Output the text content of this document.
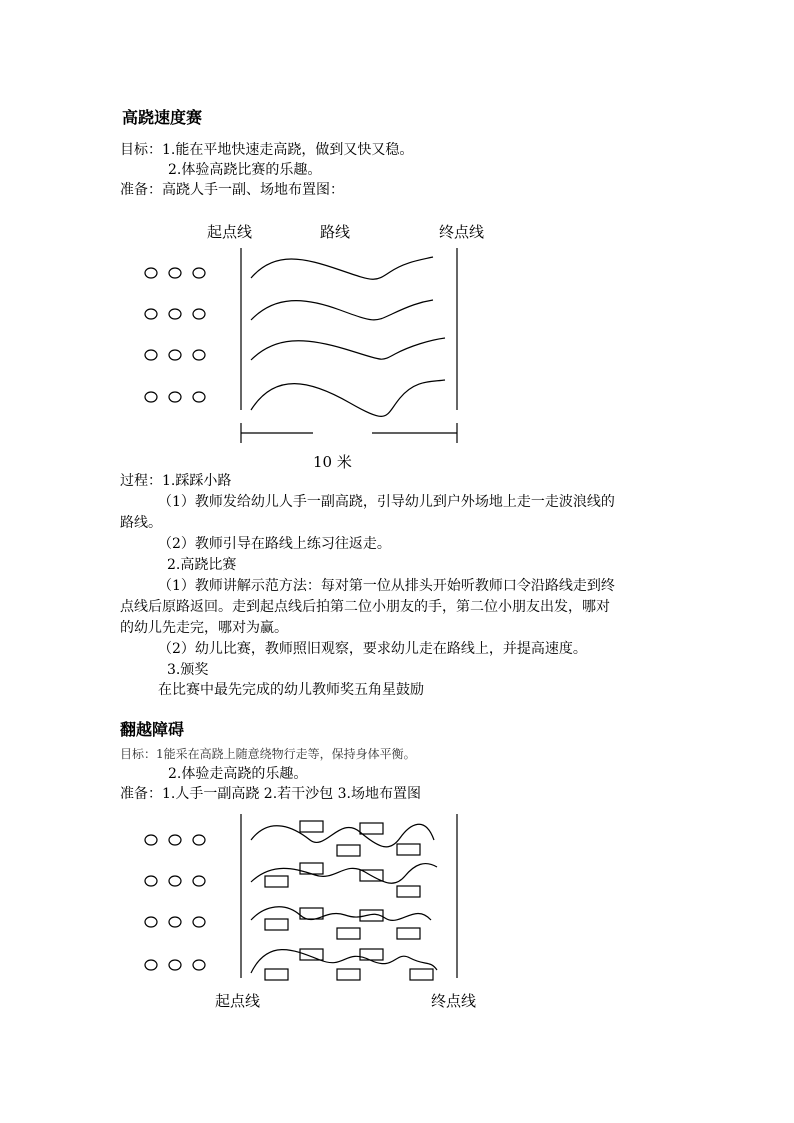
高跷速度赛
目标：1.能在平地快速走高跷，做到又快又稳。
2.体验高跷比赛的乐趣。
准备：高跷人手一副、场地布置图：
起点线	路线	终点线
10 米
过程：1.踩踩小路
（1）教师发给幼儿人手一副高跷，引导幼儿到户外场地上走一走波浪线的
路线。
（2）教师引导在路线上练习往返走。
2.高跷比赛
（1）教师讲解示范方法：每对第一位从排头开始听教师口令沿路线走到终
点线后原路返回。走到起点线后拍第二位小朋友的手，第二位小朋友出发，哪对
的幼儿先走完，哪对为赢。
（2）幼儿比赛，教师照旧观察，要求幼儿走在路线上，并提高速度。
3.颁奖
在比赛中最先完成的幼儿教师奖五角星鼓励
翻越障碍
目标：1能采在高跷上随意绕物行走等，保持身体平衡。
2.体验走高跷的乐趣。
准备：1.人手一副高跷 2.若干沙包 3.场地布置图
起点线	终点线
